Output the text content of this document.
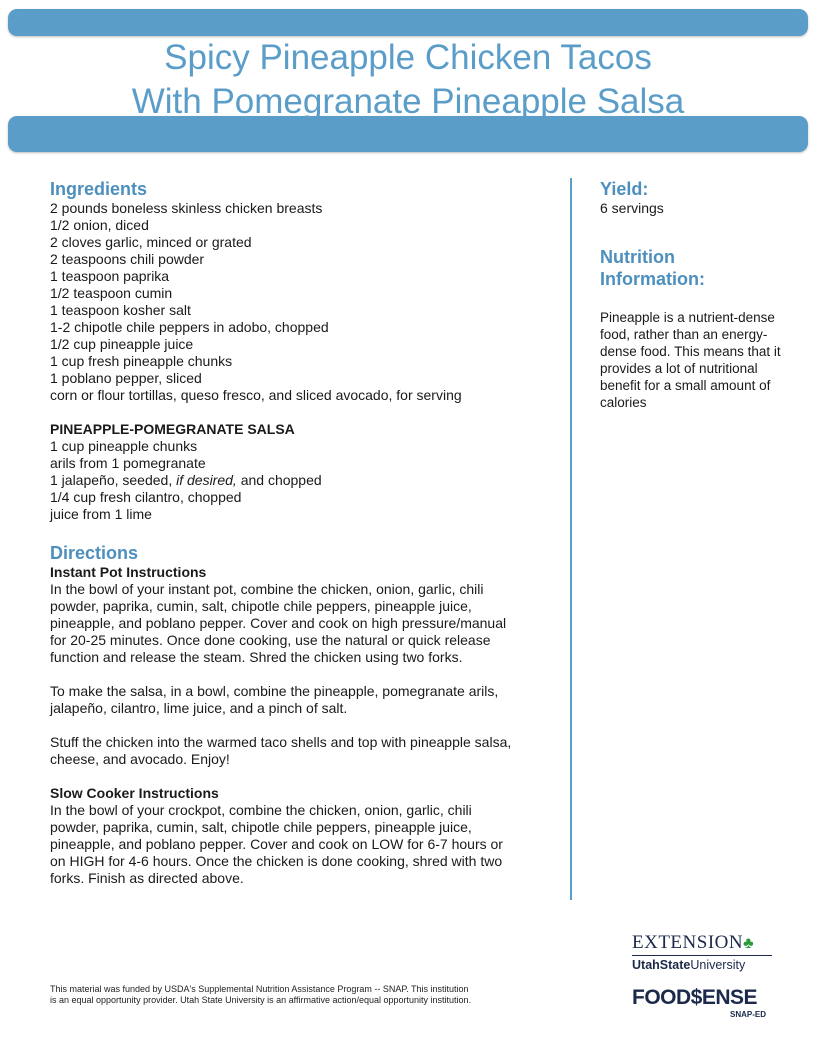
Spicy Pineapple Chicken Tacos
With Pomegranate Pineapple Salsa
Ingredients
2 pounds boneless skinless chicken breasts
1/2 onion, diced
2 cloves garlic, minced or grated
2 teaspoons chili powder
1 teaspoon paprika
1/2 teaspoon cumin
1 teaspoon kosher salt
1-2 chipotle chile peppers in adobo, chopped
1/2 cup pineapple juice
1 cup fresh pineapple chunks
1 poblano pepper, sliced
corn or flour tortillas, queso fresco, and sliced avocado, for serving
PINEAPPLE-POMEGRANATE SALSA
1 cup pineapple chunks
arils from 1 pomegranate
1 jalapeño, seeded, if desired, and chopped
1/4 cup fresh cilantro, chopped
juice from 1 lime
Directions
Instant Pot Instructions
In the bowl of your instant pot, combine the chicken, onion, garlic, chili
powder, paprika, cumin, salt, chipotle chile peppers, pineapple juice,
pineapple, and poblano pepper. Cover and cook on high pressure/manual
for 20-25 minutes. Once done cooking, use the natural or quick release
function and release the steam. Shred the chicken using two forks.
To make the salsa, in a bowl, combine the pineapple, pomegranate arils,
jalapeño, cilantro, lime juice, and a pinch of salt.
Stuff the chicken into the warmed taco shells and top with pineapple salsa,
cheese, and avocado. Enjoy!
Slow Cooker Instructions
In the bowl of your crockpot, combine the chicken, onion, garlic, chili
powder, paprika, cumin, salt, chipotle chile peppers, pineapple juice,
pineapple, and poblano pepper. Cover and cook on LOW for 6-7 hours or
on HIGH for 4-6 hours. Once the chicken is done cooking, shred with two
forks. Finish as directed above.
Yield:
6 servings
Nutrition
Information:
Pineapple is a nutrient-dense
food, rather than an energy-
dense food. This means that it
provides a lot of nutritional
benefit for a small amount of
calories
This material was funded by USDA's Supplemental Nutrition Assistance Program -- SNAP. This institution
is an equal opportunity provider. Utah State University is an affirmative action/equal opportunity institution.
EXTENSION♣
UtahStateUniversity
FOOD$ENSE
SNAP-ED
